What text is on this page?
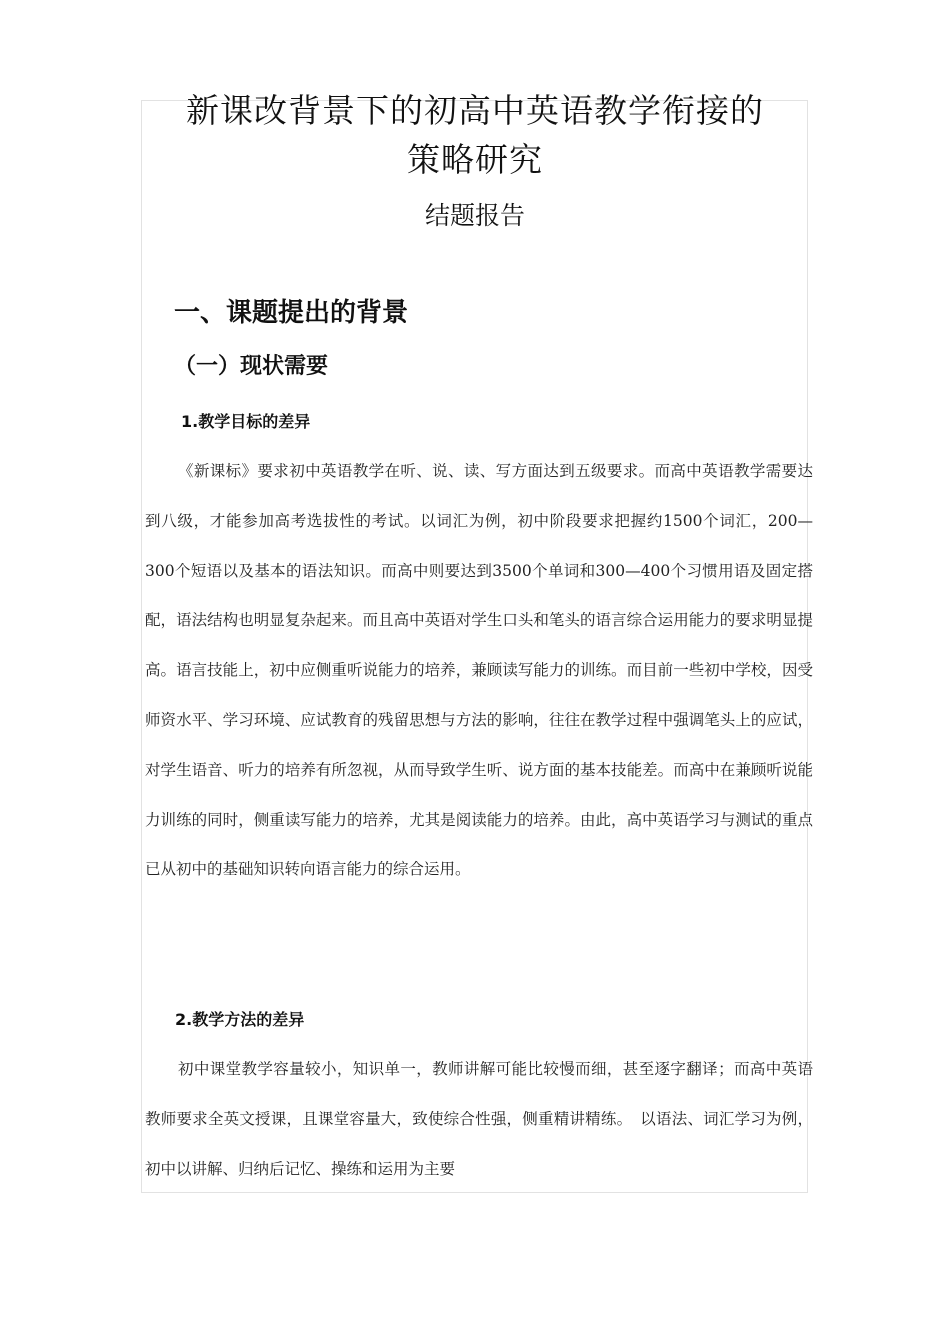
新课改背景下的初高中英语教学衔接的
策略研究
结题报告
一、课题提出的背景
（一）现状需要
1.教学目标的差异

《新课标》要求初中英语教学在听、说、读、写方面达到五级要求。而高中英语教学需要达到八级，才能参加高考选拔性的考试。以词汇为例，初中阶段要求把握约1500个词汇，200—300个短语以及基本的语法知识。而高中则要达到3500个单词和300—400个习惯用语及固定搭配，语法结构也明显复杂起来。而且高中英语对学生口头和笔头的语言综合运用能力的要求明显提高。语言技能上，初中应侧重听说能力的培养，兼顾读写能力的训练。而目前一些初中学校，因受师资水平、学习环境、应试教育的残留思想与方法的影响，往往在教学过程中强调笔头上的应试，对学生语音、听力的培养有所忽视，从而导致学生听、说方面的基本技能差。而高中在兼顾听说能力训练的同时，侧重读写能力的培养，尤其是阅读能力的培养。由此，高中英语学习与测试的重点已从初中的基础知识转向语言能力的综合运用。

2.教学方法的差异

初中课堂教学容量较小，知识单一，教师讲解可能比较慢而细，甚至逐字翻译；而高中英语教师要求全英文授课，且课堂容量大，致使综合性强，侧重精讲精练。　以语法、词汇学习为例，初中以讲解、归纳后记忆、操练和运用为主要
